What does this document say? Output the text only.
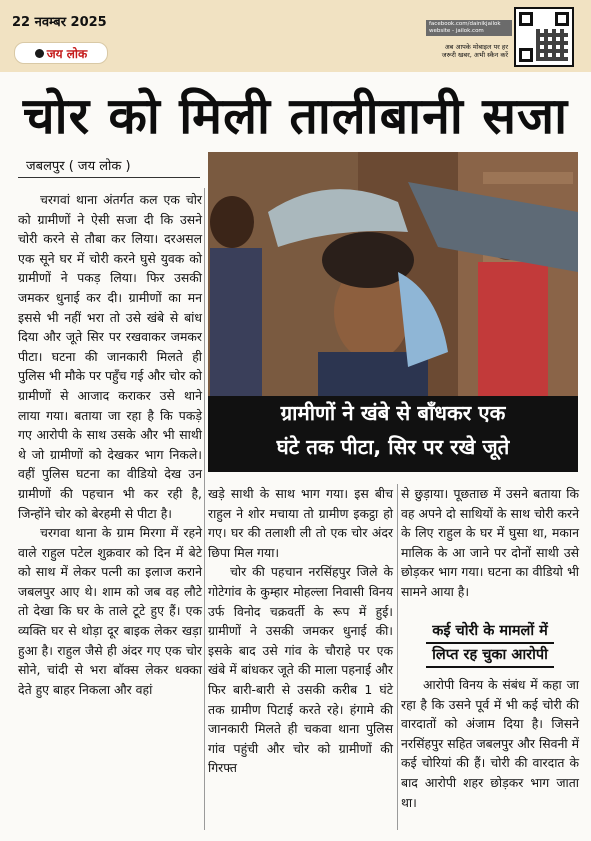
22 नवम्बर 2025
जय लोक
facebook.com/dainikjailok
website - jailok.com
अब आपके मोबाइल पर हर
जरूरी खबर, अभी स्कैन करें
चोर को मिली तालीबानी सजा
जबलपुर ( जय लोक )

चरगवां थाना अंतर्गत कल एक चोर को ग्रामीणों ने ऐसी सजा दी कि उसने चोरी करने से तौबा कर लिया। दरअसल एक सूने घर में चोरी करने घुसे युवक को ग्रामीणों ने पकड़ लिया। फिर उसकी जमकर धुनाई कर दी। ग्रामीणों का मन इससे भी नहीं भरा तो उसे खंबे से बांध दिया और जूते सिर पर रखवाकर जमकर पीटा। घटना की जानकारी मिलते ही पुलिस भी मौके पर पहुँच गई और चोर को ग्रामीणों से आजाद कराकर उसे थाने लाया गया। बताया जा रहा है कि पकड़े गए आरोपी के साथ उसके और भी साथी थे जो ग्रामीणों को देखकर भाग निकले। वहीं पुलिस घटना का वीडियो देख उन ग्रामीणों की पहचान भी कर रही है, जिन्होंने चोर को बेरहमी से पीटा है।

चरगवा थाना के ग्राम मिरगा में रहने वाले राहुल पटेल शुक्रवार को दिन में बेटे को साथ में लेकर पत्नी का इलाज कराने जबलपुर आए थे। शाम को जब वह लौटे तो देखा कि घर के ताले टूटे हुए हैं। एक व्यक्ति घर से थोड़ा दूर बाइक लेकर खड़ा हुआ है। राहुल जैसे ही अंदर गए एक चोर सोने, चांदी से भरा बॉक्स लेकर धक्का देते हुए बाहर निकला और वहां

ग्रामीणों ने खंबे से बाँधकर एक
घंटे तक पीटा, सिर पर रखे जूते

खड़े साथी के साथ भाग गया। इस बीच राहुल ने शोर मचाया तो ग्रामीण इकट्ठा हो गए। घर की तलाशी ली तो एक चोर अंदर छिपा मिल गया।

चोर की पहचान नरसिंहपुर जिले के गोटेगांव के कुम्हार मोहल्ला निवासी विनय उर्फ विनोद चक्रवर्ती के रूप में हुई। ग्रामीणों ने उसकी जमकर धुनाई की। इसके बाद उसे गांव के चौराहे पर एक खंबे में बांधकर जूते की माला पहनाई और फिर बारी-बारी से उसकी करीब 1 घंटे तक ग्रामीण पिटाई करते रहे। हंगामे की जानकारी मिलते ही चकवा थाना पुलिस गांव पहुंची और चोर को ग्रामीणों की गिरफ्त

से छुड़ाया। पूछताछ में उसने बताया कि वह अपने दो साथियों के साथ चोरी करने के लिए राहुल के घर में घुसा था, मकान मालिक के आ जाने पर दोनों साथी उसे छोड़कर भाग गया। घटना का वीडियो भी सामने आया है।

कई चोरी के मामलों में
लिप्त रह चुका आरोपी

आरोपी विनय के संबंध में कहा जा रहा है कि उसने पूर्व में भी कई चोरी की वारदातों को अंजाम दिया है। जिसने नरसिंहपुर सहित जबलपुर और सिवनी में कई चोरियां की हैं। चोरी की वारदात के बाद आरोपी शहर छोड़कर भाग जाता था।
